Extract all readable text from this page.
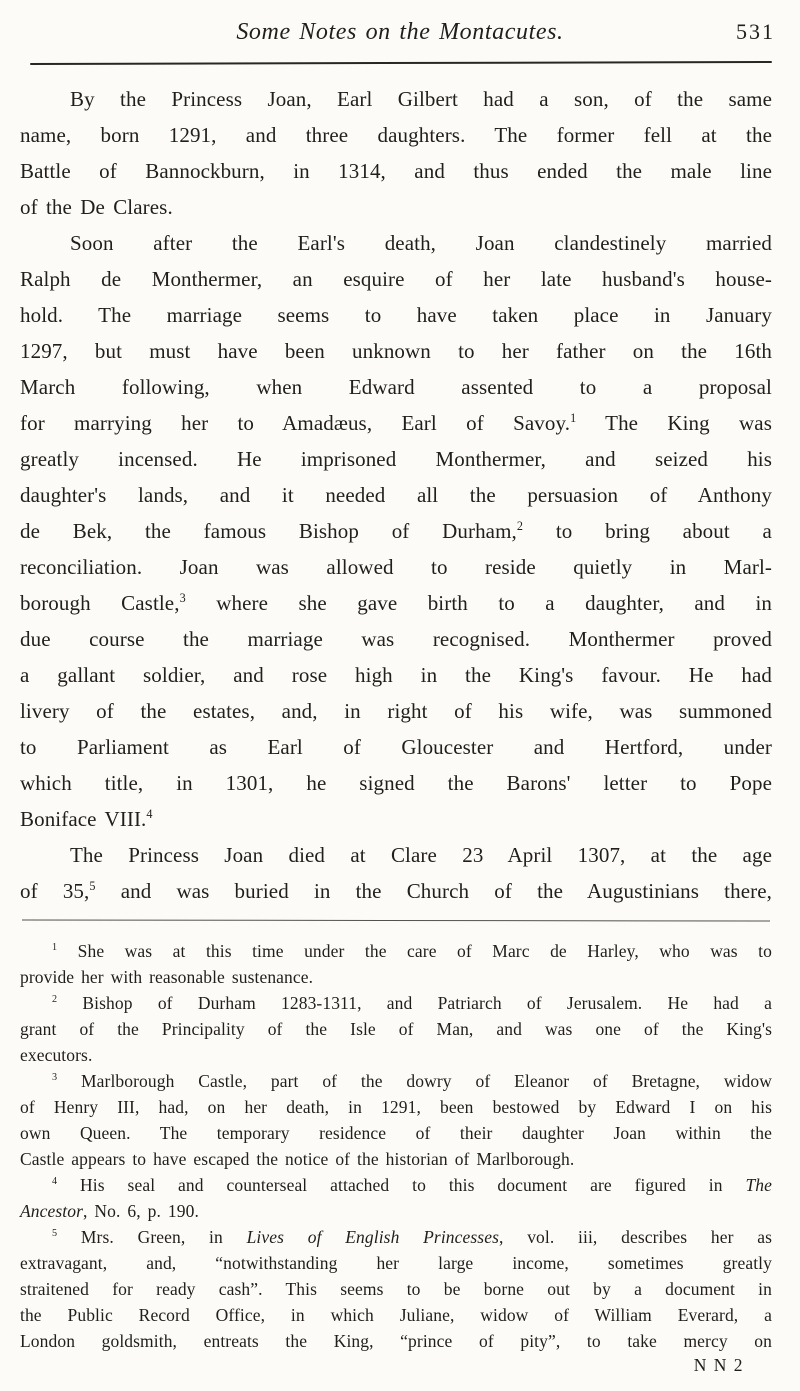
Some Notes on the Montacutes.	531
By the Princess Joan, Earl Gilbert had a son, of the same
name, born 1291, and three daughters. The former fell at the
Battle of Bannockburn, in 1314, and thus ended the male line
of the De Clares.
Soon after the Earl's death, Joan clandestinely married
Ralph de Monthermer, an esquire of her late husband's house-
hold. The marriage seems to have taken place in January
1297, but must have been unknown to her father on the 16th
March following, when Edward assented to a proposal
for marrying her to Amadæus, Earl of Savoy.$^1$ The King was
greatly incensed. He imprisoned Monthermer, and seized his
daughter's lands, and it needed all the persuasion of Anthony
de Bek, the famous Bishop of Durham,$^2$ to bring about a
reconciliation. Joan was allowed to reside quietly in Marl-
borough Castle,$^3$ where she gave birth to a daughter, and in
due course the marriage was recognised. Monthermer proved
a gallant soldier, and rose high in the King's favour. He had
livery of the estates, and, in right of his wife, was summoned
to Parliament as Earl of Gloucester and Hertford, under
which title, in 1301, he signed the Barons' letter to Pope
Boniface VIII.$^4$
The Princess Joan died at Clare 23 April 1307, at the age
of 35,$^5$ and was buried in the Church of the Augustinians there,
$^1$ She was at this time under the care of Marc de Harley, who was to
provide her with reasonable sustenance.
$^2$ Bishop of Durham 1283-1311, and Patriarch of Jerusalem. He had a
grant of the Principality of the Isle of Man, and was one of the King's
executors.
$^3$ Marlborough Castle, part of the dowry of Eleanor of Bretagne, widow
of Henry III, had, on her death, in 1291, been bestowed by Edward I on his
own Queen. The temporary residence of their daughter Joan within the
Castle appears to have escaped the notice of the historian of Marlborough.
$^4$ His seal and counterseal attached to this document are figured in The
Ancestor, No. 6, p. 190.
$^5$ Mrs. Green, in Lives of English Princesses, vol. iii, describes her as
extravagant, and, “notwithstanding her large income, sometimes greatly
straitened for ready cash”. This seems to be borne out by a document in
the Public Record Office, in which Juliane, widow of William Everard, a
London goldsmith, entreats the King, “prince of pity”, to take mercy on
N N 2
